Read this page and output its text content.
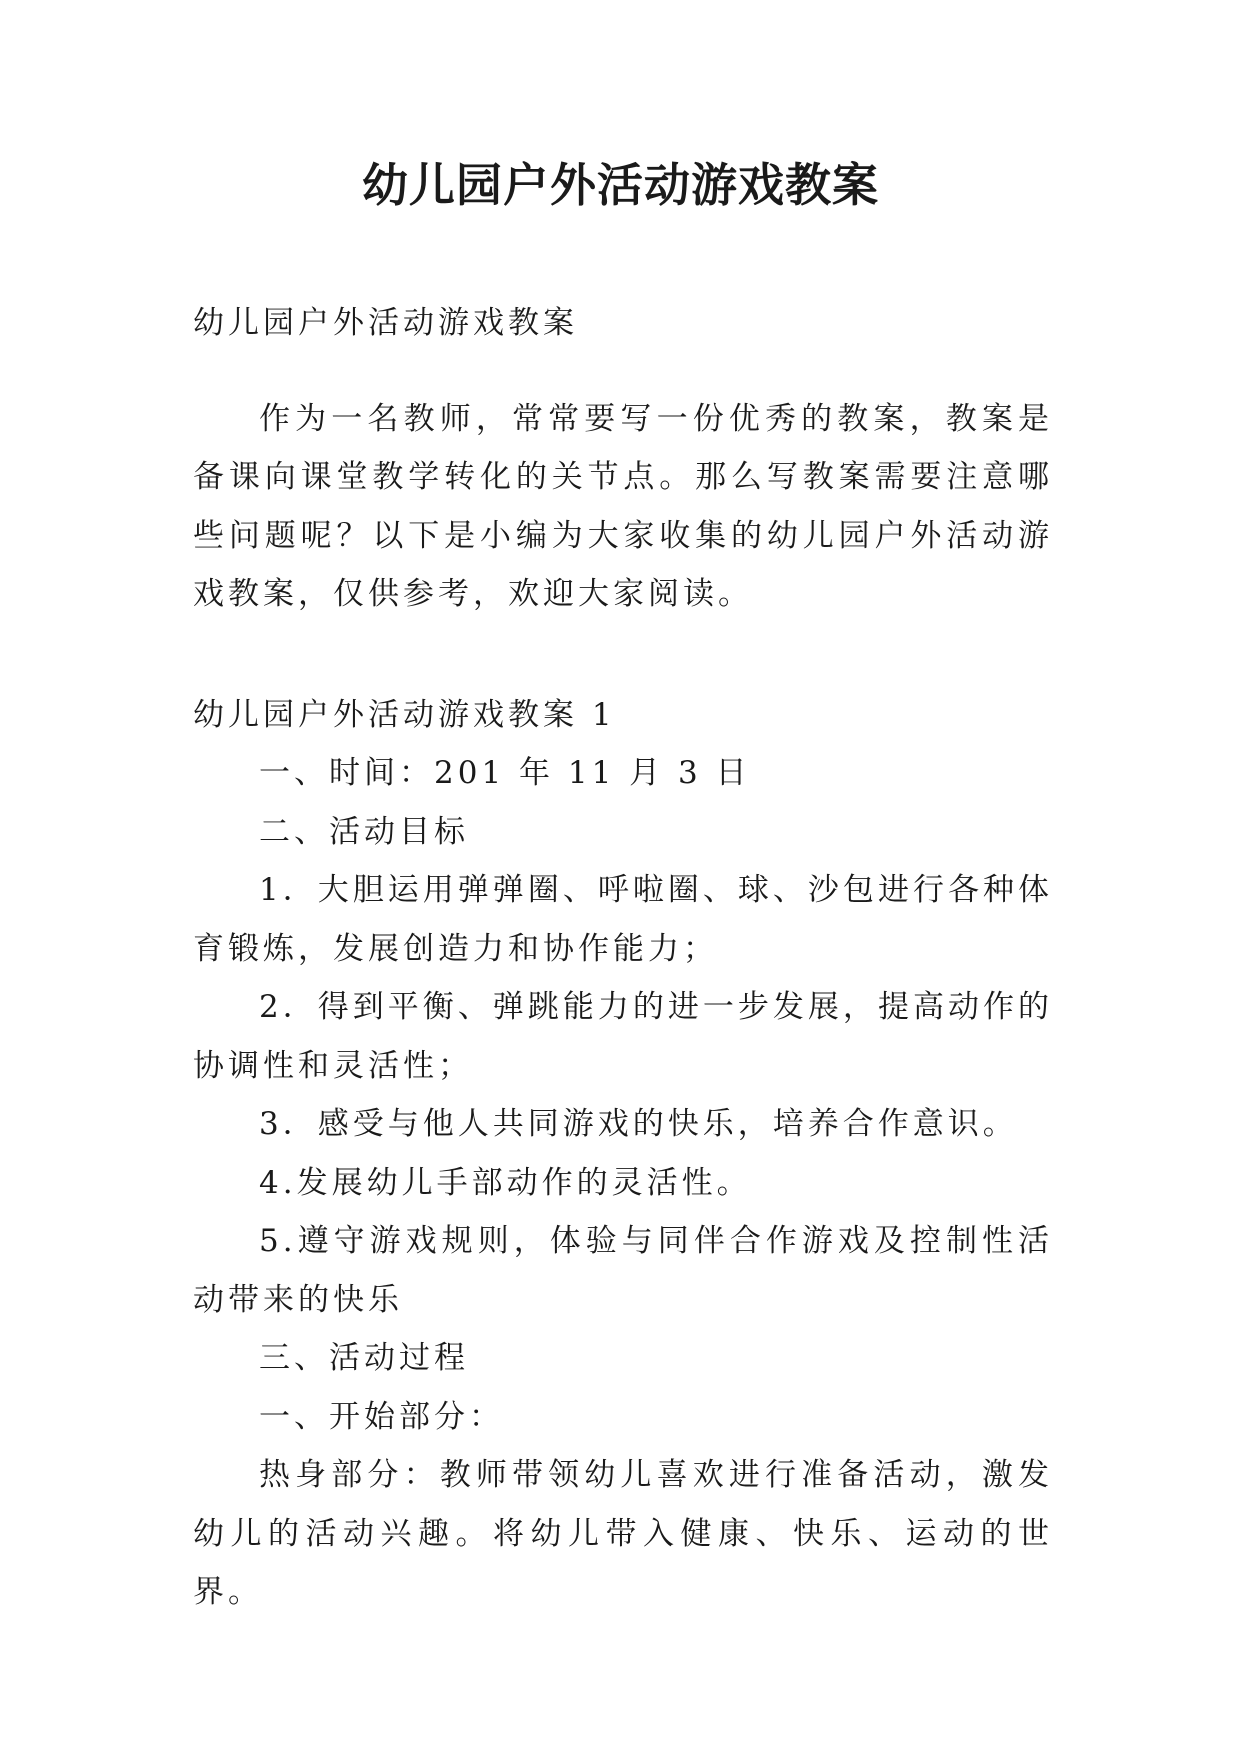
幼儿园户外活动游戏教案

幼儿园户外活动游戏教案

作为一名教师，常常要写一份优秀的教案，教案是备课向课堂教学转化的关节点。那么写教案需要注意哪些问题呢？以下是小编为大家收集的幼儿园户外活动游戏教案，仅供参考，欢迎大家阅读。

幼儿园户外活动游戏教案 1

一、时间：201 年 11 月 3 日

二、活动目标

1．大胆运用弹弹圈、呼啦圈、球、沙包进行各种体育锻炼，发展创造力和协作能力；

2．得到平衡、弹跳能力的进一步发展，提高动作的协调性和灵活性；

3．感受与他人共同游戏的快乐，培养合作意识。

4.发展幼儿手部动作的灵活性。

5.遵守游戏规则，体验与同伴合作游戏及控制性活动带来的快乐

三、活动过程

一、开始部分：

热身部分：教师带领幼儿喜欢进行准备活动，激发幼儿的活动兴趣。将幼儿带入健康、快乐、运动的世界。
